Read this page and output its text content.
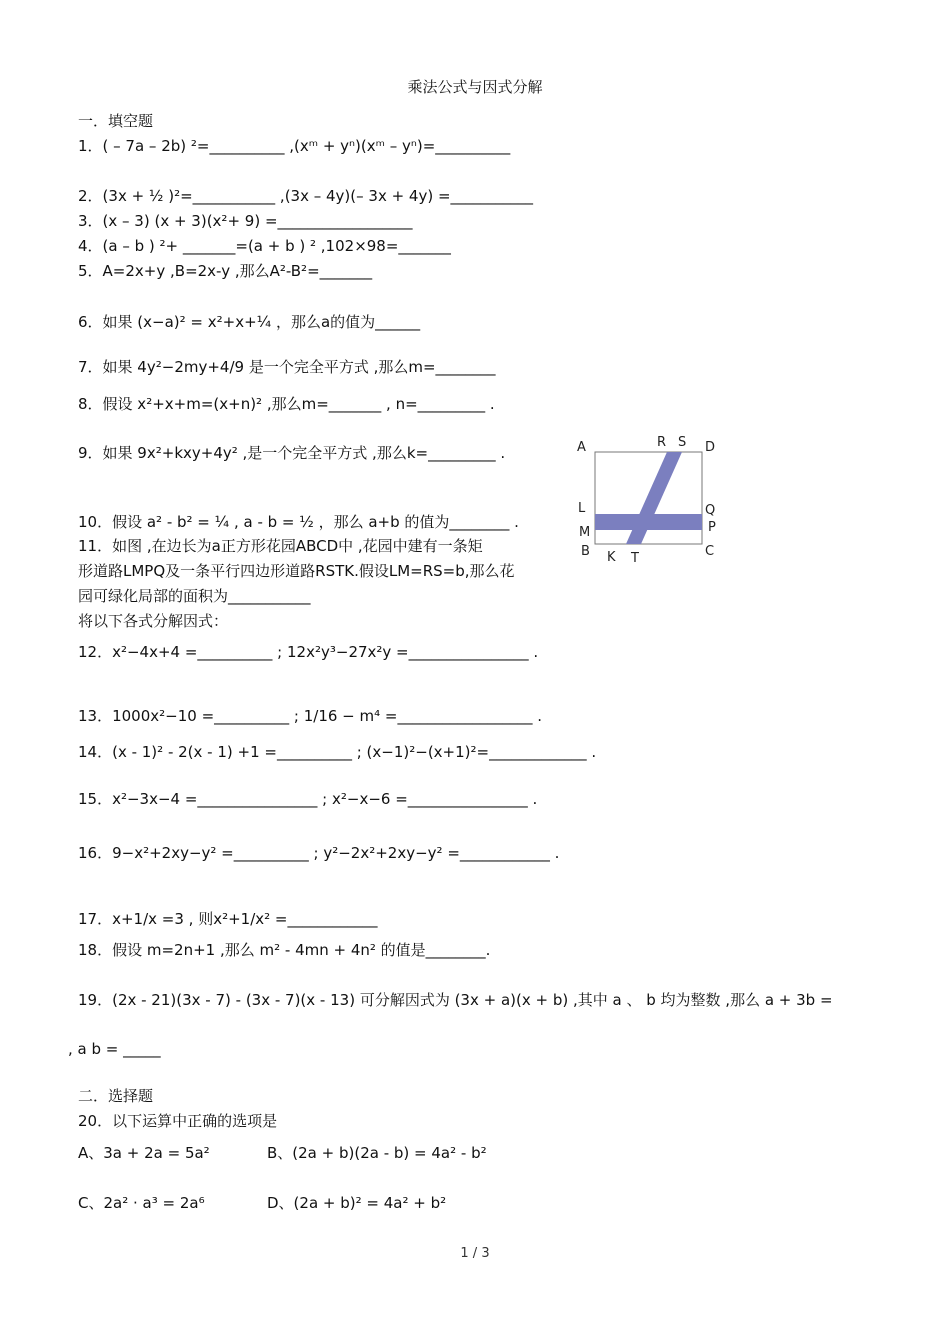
乘法公式与因式分解
一．填空题
1．( – 7a – 2b) ²=__________ ,(xᵐ + yⁿ)(xᵐ – yⁿ)=__________
2．(3x + ½ )²=___________ ,(3x – 4y)(– 3x + 4y) =___________
3．(x – 3) (x + 3)(x²+ 9) =__________________
4．(a – b ) ²+ _______=(a + b ) ² ,102×98=_______
5．A=2x+y ,B=2x-y ,那么A²-B²=_______
6．如果 (x−a)² = x²+x+¼ ，那么a的值为______
7．如果 4y²−2my+4/9 是一个完全平方式 ,那么m=________
8．假设 x²+x+m=(x+n)² ,那么m=_______ , n=_________ .
9．如果 9x²+kxy+4y² ,是一个完全平方式 ,那么k=_________ .
10．假设 a² - b² = ¼ , a - b = ½ ，那么 a+b 的值为________ .
11．如图 ,在边长为a正方形花园ABCD中 ,花园中建有一条矩
形道路LMPQ及一条平行四边形道路RSTK.假设LM=RS=b,那么花
园可绿化局部的面积为___________
将以下各式分解因式：
12．x²−4x+4 =__________ ; 12x²y³−27x²y =________________ .
13．1000x²−10 =__________ ; 1/16 − m⁴ =__________________ .
14．(x - 1)² - 2(x - 1) +1 =__________ ; (x−1)²−(x+1)²=_____________ .
15．x²−3x−4 =________________ ; x²−x−6 =________________ .
16．9−x²+2xy−y² =__________ ; y²−2x²+2xy−y² =____________ .
17．x+1/x =3 , 则x²+1/x² =____________
18．假设 m=2n+1 ,那么 m² - 4mn + 4n² 的值是________.
19．(2x - 21)(3x - 7) - (3x - 7)(x - 13) 可分解因式为 (3x + a)(x + b) ,其中 a 、 b 均为整数 ,那么 a + 3b =
, a b = _____
二．选择题
20．以下运算中正确的选项是
A、3a + 2a = 5a²	B、(2a + b)(2a - b) = 4a² - b²
C、2a² · a³ = 2a⁶	D、(2a + b)² = 4a² + b²
A	R S D
L	Q
M	P
B K T	C
1 / 3
